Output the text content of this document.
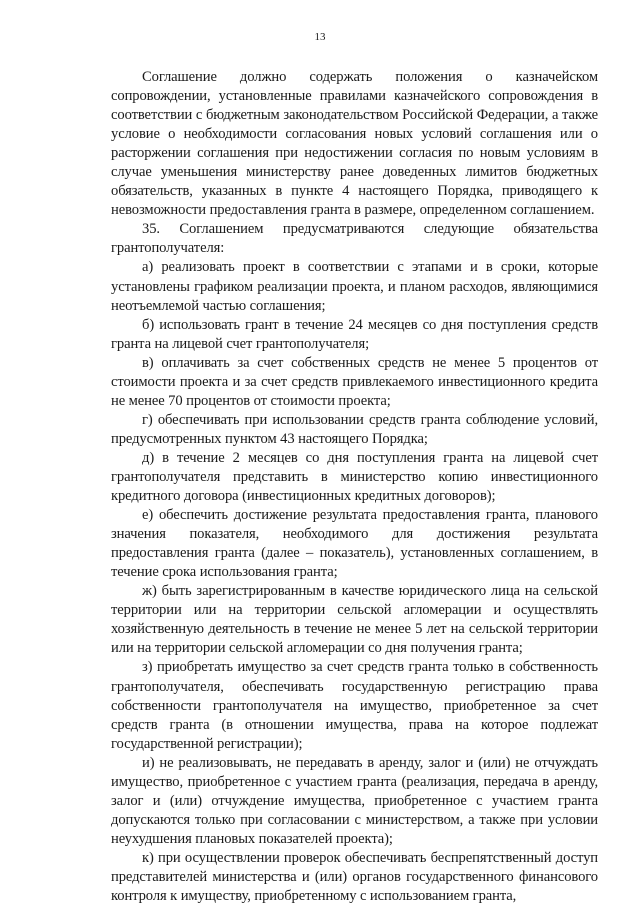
13

Соглашение должно содержать положения о казначейском сопровождении, установленные правилами казначейского сопровождения в соответствии с бюджетным законодательством Российской Федерации, а также условие о необходимости согласования новых условий соглашения или о расторжении соглашения при недостижении согласия по новым условиям в случае уменьшения министерству ранее доведенных лимитов бюджетных обязательств, указанных в пункте 4 настоящего Порядка, приводящего к невозможности предоставления гранта в размере, определенном соглашением.

35. Соглашением предусматриваются следующие обязательства грантополучателя:

а) реализовать проект в соответствии с этапами и в сроки, которые установлены графиком реализации проекта, и планом расходов, являющимися неотъемлемой частью соглашения;

б) использовать грант в течение 24 месяцев со дня поступления средств гранта на лицевой счет грантополучателя;

в) оплачивать за счет собственных средств не менее 5 процентов от стоимости проекта и за счет средств привлекаемого инвестиционного кредита не менее 70 процентов от стоимости проекта;

г) обеспечивать при использовании средств гранта соблюдение условий, предусмотренных пунктом 43 настоящего Порядка;

д) в течение 2 месяцев со дня поступления гранта на лицевой счет грантополучателя представить в министерство копию инвестиционного кредитного договора (инвестиционных кредитных договоров);

е) обеспечить достижение результата предоставления гранта, планового значения показателя, необходимого для достижения результата предоставления гранта (далее – показатель), установленных соглашением, в течение срока использования гранта;

ж) быть зарегистрированным в качестве юридического лица на сельской территории или на территории сельской агломерации и осуществлять хозяйственную деятельность в течение не менее 5 лет на сельской территории или на территории сельской агломерации со дня получения гранта;

з) приобретать имущество за счет средств гранта только в собственность грантополучателя, обеспечивать государственную регистрацию права собственности грантополучателя на имущество, приобретенное за счет средств гранта (в отношении имущества, права на которое подлежат государственной регистрации);

и) не реализовывать, не передавать в аренду, залог и (или) не отчуждать имущество, приобретенное с участием гранта (реализация, передача в аренду, залог и (или) отчуждение имущества, приобретенное с участием гранта допускаются только при согласовании с министерством, а также при условии неухудшения плановых показателей проекта);

к) при осуществлении проверок обеспечивать беспрепятственный доступ представителей министерства и (или) органов государственного финансового контроля к имуществу, приобретенному с использованием гранта,
